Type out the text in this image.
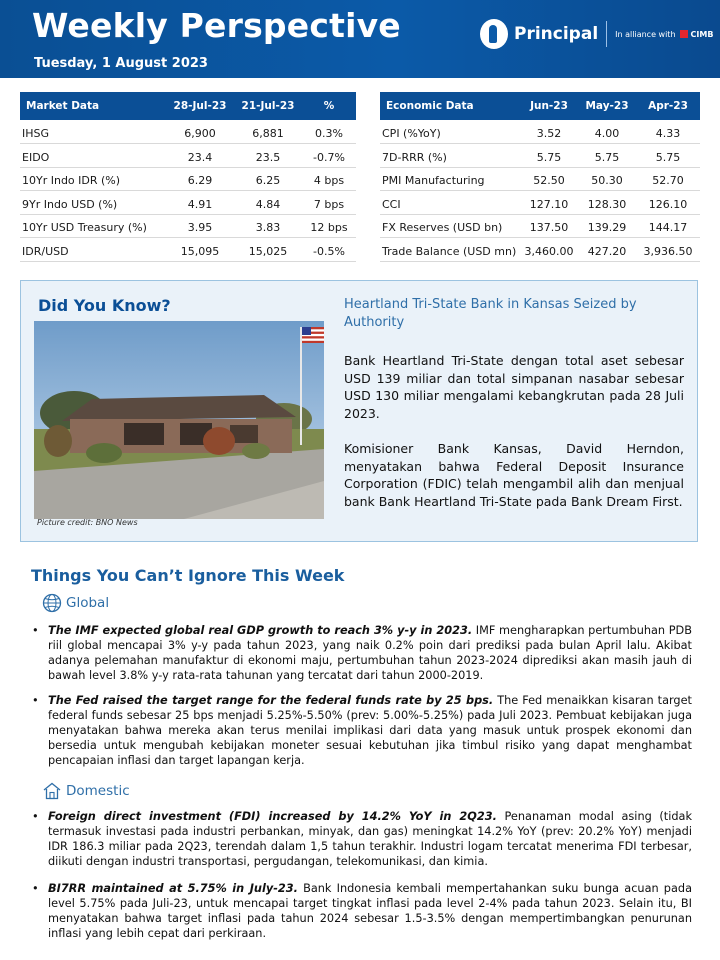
Weekly Perspective
Tuesday, 1 August 2023
Principal In alliance with CIMB
Market Data	28-Jul-23	21-Jul-23	%
IHSG	6,900	6,881	0.3%
EIDO	23.4	23.5	-0.7%
10Yr Indo IDR (%)	6.29	6.25	4 bps
9Yr Indo USD (%)	4.91	4.84	7 bps
10Yr USD Treasury (%)	3.95	3.83	12 bps
IDR/USD	15,095	15,025	-0.5%
Economic Data	Jun-23	May-23	Apr-23
CPI (%YoY)	3.52	4.00	4.33
7D-RRR (%)	5.75	5.75	5.75
PMI Manufacturing	52.50	50.30	52.70
CCI	127.10	128.30	126.10
FX Reserves (USD bn)	137.50	139.29	144.17
Trade Balance (USD mn)	3,460.00	427.20	3,936.50
Did You Know?
Picture credit: BNO News
Heartland Tri-State Bank in Kansas Seized by Authority
Bank Heartland Tri-State dengan total aset sebesar USD 139 miliar dan total simpanan nasabar sebesar USD 130 miliar mengalami kebangkrutan pada 28 Juli 2023.
Komisioner Bank Kansas, David Herndon, menyatakan bahwa Federal Deposit Insurance Corporation (FDIC) telah mengambil alih dan menjual bank Bank Heartland Tri-State pada Bank Dream First.
Things You Can’t Ignore This Week
Global
• The IMF expected global real GDP growth to reach 3% y-y in 2023. IMF mengharapkan pertumbuhan PDB riil global mencapai 3% y-y pada tahun 2023, yang naik 0.2% poin dari prediksi pada bulan April lalu. Akibat adanya pelemahan manufaktur di ekonomi maju, pertumbuhan tahun 2023-2024 diprediksi akan masih jauh di bawah level 3.8% y-y rata-rata tahunan yang tercatat dari tahun 2000-2019.
• The Fed raised the target range for the federal funds rate by 25 bps. The Fed menaikkan kisaran target federal funds sebesar 25 bps menjadi 5.25%-5.50% (prev: 5.00%-5.25%) pada Juli 2023. Pembuat kebijakan juga menyatakan bahwa mereka akan terus menilai implikasi dari data yang masuk untuk prospek ekonomi dan bersedia untuk mengubah kebijakan moneter sesuai kebutuhan jika timbul risiko yang dapat menghambat pencapaian inflasi dan target lapangan kerja.
Domestic
• Foreign direct investment (FDI) increased by 14.2% YoY in 2Q23. Penanaman modal asing (tidak termasuk investasi pada industri perbankan, minyak, dan gas) meningkat 14.2% YoY (prev: 20.2% YoY) menjadi IDR 186.3 miliar pada 2Q23, terendah dalam 1,5 tahun terakhir. Industri logam tercatat menerima FDI terbesar, diikuti dengan industri transportasi, pergudangan, telekomunikasi, dan kimia.
• BI7RR maintained at 5.75% in July-23. Bank Indonesia kembali mempertahankan suku bunga acuan pada level 5.75% pada Juli-23, untuk mencapai target tingkat inflasi pada level 2-4% pada tahun 2023. Selain itu, BI menyatakan bahwa target inflasi pada tahun 2024 sebesar 1.5-3.5% dengan mempertimbangkan penurunan inflasi yang lebih cepat dari perkiraan.
